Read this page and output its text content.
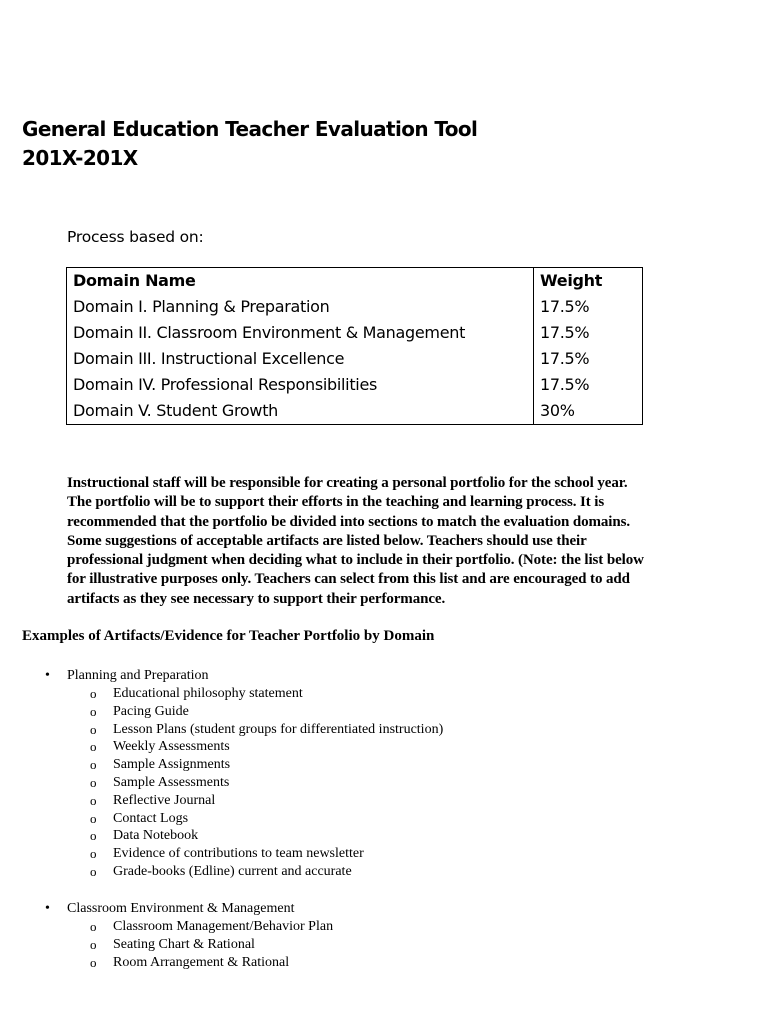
General Education Teacher Evaluation Tool
201X-201X
Process based on:
Domain Name	Weight
Domain I. Planning & Preparation	17.5%
Domain II. Classroom Environment & Management	17.5%
Domain III. Instructional Excellence	17.5%
Domain IV. Professional Responsibilities	17.5%
Domain V. Student Growth	30%
Instructional staff will be responsible for creating a personal portfolio for the school year.
The portfolio will be to support their efforts in the teaching and learning process. It is
recommended that the portfolio be divided into sections to match the evaluation domains.
Some suggestions of acceptable artifacts are listed below. Teachers should use their
professional judgment when deciding what to include in their portfolio. (Note: the list below
for illustrative purposes only. Teachers can select from this list and are encouraged to add
artifacts as they see necessary to support their performance.
Examples of Artifacts/Evidence for Teacher Portfolio by Domain
• Planning and Preparation
o Educational philosophy statement
o Pacing Guide
o Lesson Plans (student groups for differentiated instruction)
o Weekly Assessments
o Sample Assignments
o Sample Assessments
o Reflective Journal
o Contact Logs
o Data Notebook
o Evidence of contributions to team newsletter
o Grade-books (Edline) current and accurate
• Classroom Environment & Management
o Classroom Management/Behavior Plan
o Seating Chart & Rational
o Room Arrangement & Rational
